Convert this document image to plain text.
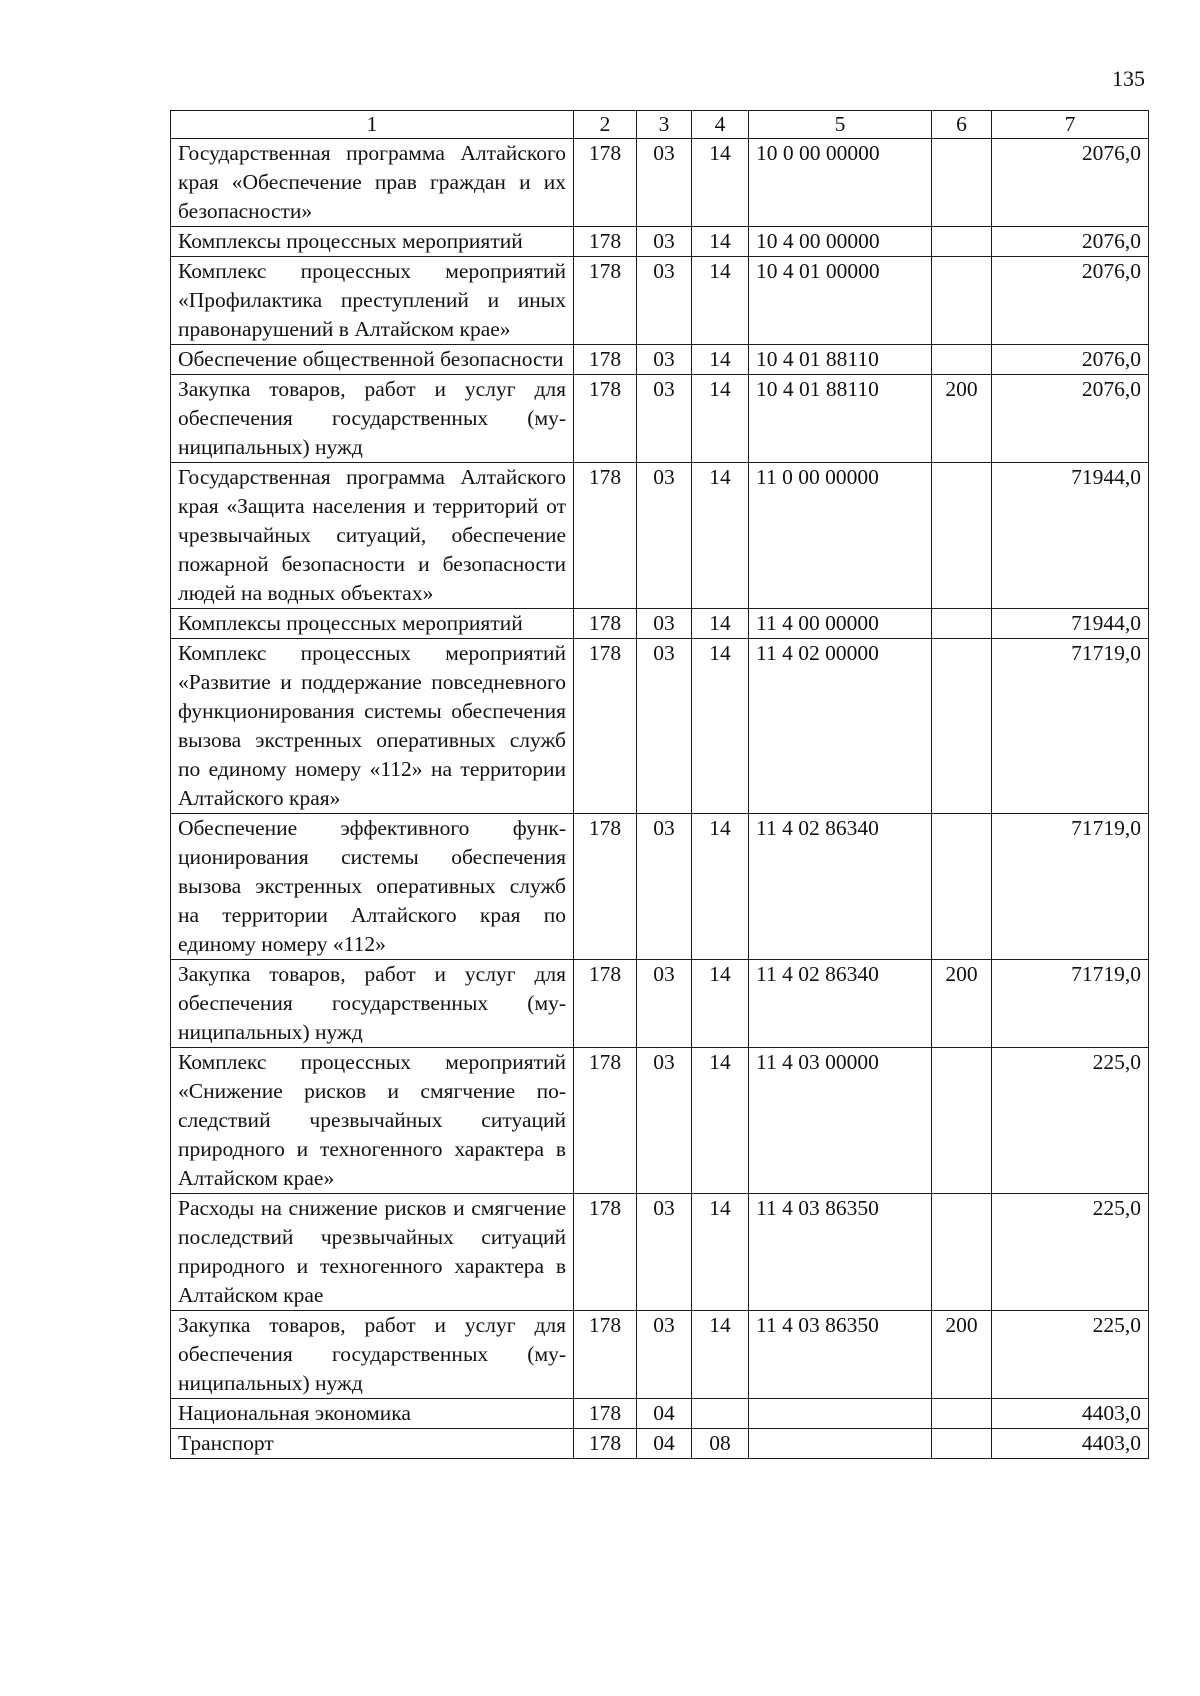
135
1	2	3	4	5	6	7
Государственная программа Алтайского края «Обеспечение прав граждан и их безопасности»	178	03	14	10 0 00 00000		2076,0
Комплексы процессных мероприятий	178	03	14	10 4 00 00000		2076,0
Комплекс процессных мероприятий «Профилактика преступлений и иных правонарушений в Алтайском крае»	178	03	14	10 4 01 00000		2076,0
Обеспечение общественной безопасности	178	03	14	10 4 01 88110		2076,0
Закупка товаров, работ и услуг для обеспечения государственных (муниципальных) нужд	178	03	14	10 4 01 88110	200	2076,0
Государственная программа Алтайского края «Защита населения и территорий от чрезвычайных ситуаций, обеспечение пожарной безопасности и безопасности людей на водных объектах»	178	03	14	11 0 00 00000		71944,0
Комплексы процессных мероприятий	178	03	14	11 4 00 00000		71944,0
Комплекс процессных мероприятий «Развитие и поддержание повседневного функционирования системы обеспечения вызова экстренных оперативных служб по единому номеру «112» на территории Алтайского края»	178	03	14	11 4 02 00000		71719,0
Обеспечение эффективного функционирования системы обеспечения вызова экстренных оперативных служб на территории Алтайского края по единому номеру «112»	178	03	14	11 4 02 86340		71719,0
Закупка товаров, работ и услуг для обеспечения государственных (муниципальных) нужд	178	03	14	11 4 02 86340	200	71719,0
Комплекс процессных мероприятий «Снижение рисков и смягчение последствий чрезвычайных ситуаций природного и техногенного характера в Алтайском крае»	178	03	14	11 4 03 00000		225,0
Расходы на снижение рисков и смягчение последствий чрезвычайных ситуаций природного и техногенного характера в Алтайском крае	178	03	14	11 4 03 86350		225,0
Закупка товаров, работ и услуг для обеспечения государственных (муниципальных) нужд	178	03	14	11 4 03 86350	200	225,0
Национальная экономика	178	04				4403,0
Транспорт	178	04	08			4403,0
